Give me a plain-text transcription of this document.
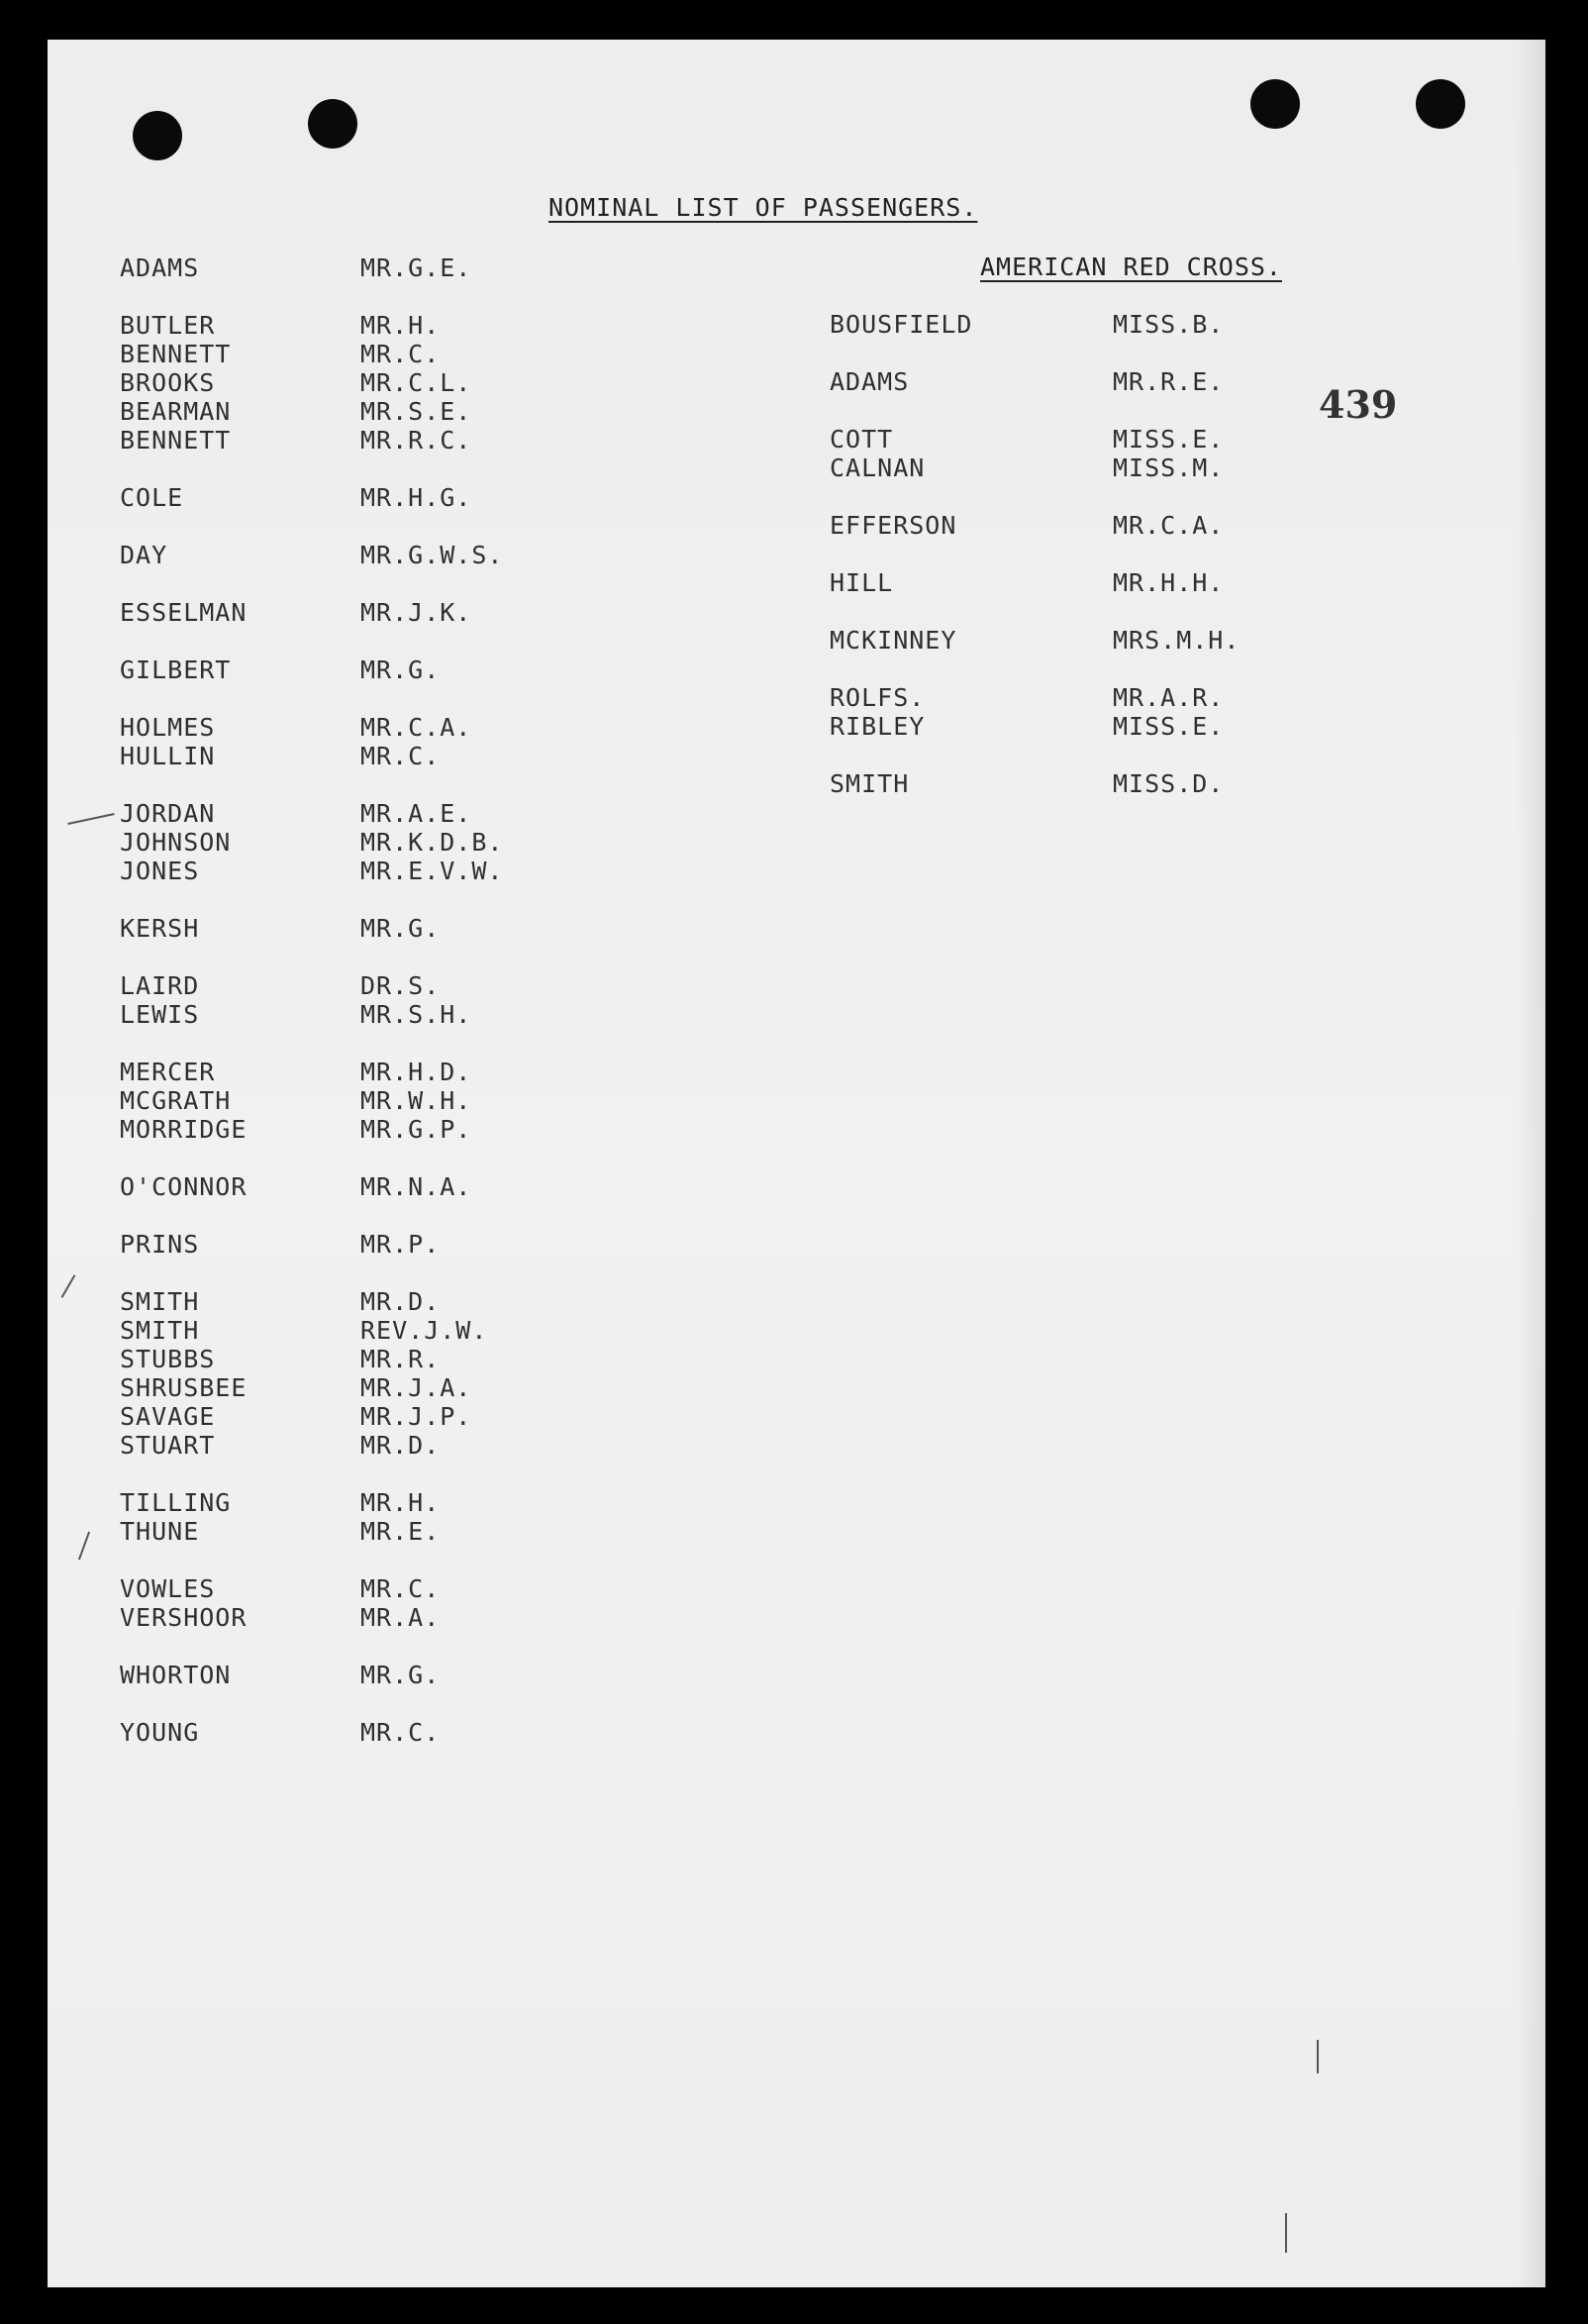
NOMINAL LIST OF PASSENGERS.
439
AMERICAN RED CROSS.
ADAMS	MR.G.E.
BUTLER	MR.H.
BENNETT	MR.C.
BROOKS	MR.C.L.
BEARMAN	MR.S.E.
BENNETT	MR.R.C.
COLE	MR.H.G.
DAY	MR.G.W.S.
ESSELMAN	MR.J.K.
GILBERT	MR.G.
HOLMES	MR.C.A.
HULLIN	MR.C.
JORDAN	MR.A.E.
JOHNSON	MR.K.D.B.
JONES	MR.E.V.W.
KERSH	MR.G.
LAIRD	DR.S.
LEWIS	MR.S.H.
MERCER	MR.H.D.
MCGRATH	MR.W.H.
MORRIDGE	MR.G.P.
O'CONNOR	MR.N.A.
PRINS	MR.P.
SMITH	MR.D.
SMITH	REV.J.W.
STUBBS	MR.R.
SHRUSBEE	MR.J.A.
SAVAGE	MR.J.P.
STUART	MR.D.
TILLING	MR.H.
THUNE	MR.E.
VOWLES	MR.C.
VERSHOOR	MR.A.
WHORTON	MR.G.
YOUNG	MR.C.
BOUSFIELD	MISS.B.
ADAMS	MR.R.E.
COTT	MISS.E.
CALNAN	MISS.M.
EFFERSON	MR.C.A.
HILL	MR.H.H.
MCKINNEY	MRS.M.H.
ROLFS.	MR.A.R.
RIBLEY	MISS.E.
SMITH	MISS.D.
